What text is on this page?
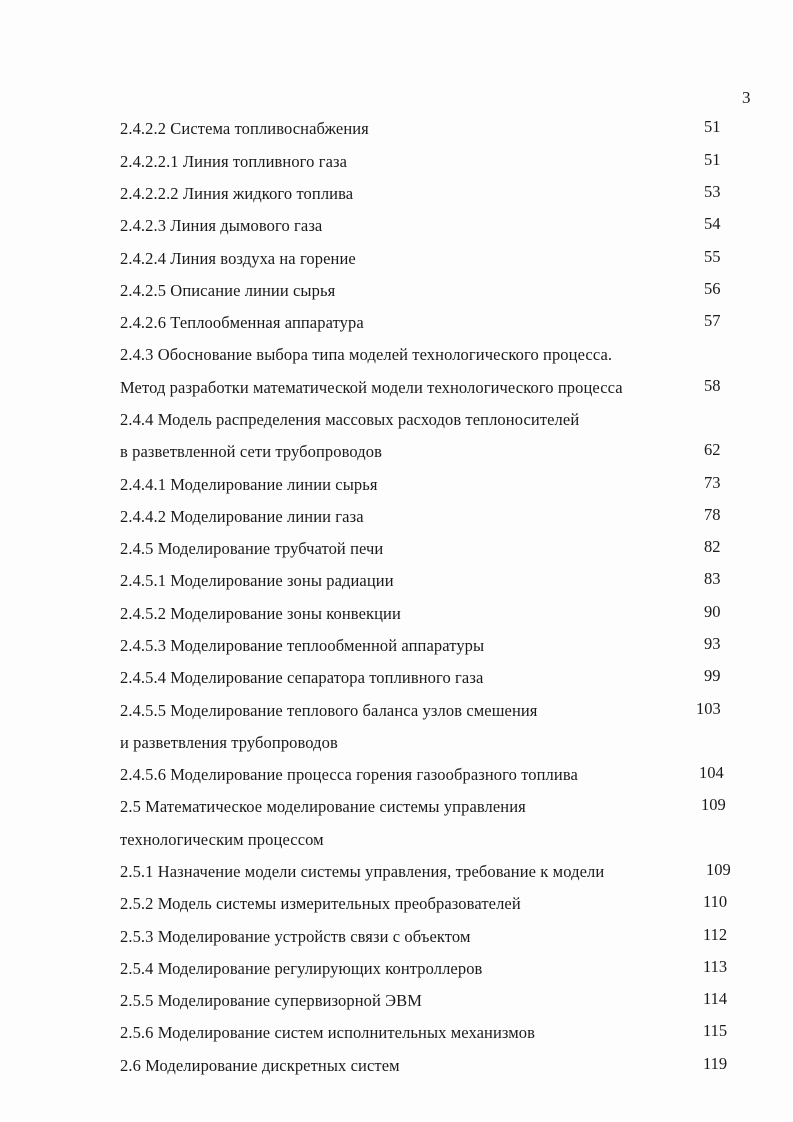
3
2.4.2.2 Система топливоснабжения	51
2.4.2.2.1 Линия топливного газа	51
2.4.2.2.2 Линия жидкого топлива	53
2.4.2.3 Линия дымового газа	54
2.4.2.4 Линия воздуха на горение	55
2.4.2.5 Описание линии сырья	56
2.4.2.6 Теплообменная аппаратура	57
2.4.3 Обоснование выбора типа моделей технологического процесса.
Метод разработки математической модели технологического процесса	58
2.4.4 Модель распределения массовых расходов теплоносителей
в разветвленной сети трубопроводов	62
2.4.4.1 Моделирование линии сырья	73
2.4.4.2 Моделирование линии газа	78
2.4.5 Моделирование трубчатой печи	82
2.4.5.1 Моделирование зоны радиации	83
2.4.5.2 Моделирование зоны конвекции	90
2.4.5.3 Моделирование теплообменной аппаратуры	93
2.4.5.4 Моделирование сепаратора топливного газа	99
2.4.5.5 Моделирование теплового баланса узлов смешения	103
и разветвления трубопроводов
2.4.5.6 Моделирование процесса горения газообразного топлива	104
2.5 Математическое моделирование системы управления	109
технологическим процессом
2.5.1 Назначение модели системы управления, требование к модели	109
2.5.2 Модель системы измерительных преобразователей	110
2.5.3 Моделирование устройств связи с объектом	112
2.5.4 Моделирование регулирующих контроллеров	113
2.5.5 Моделирование супервизорной ЭВМ	114
2.5.6 Моделирование систем исполнительных механизмов	115
2.6 Моделирование дискретных систем	119
